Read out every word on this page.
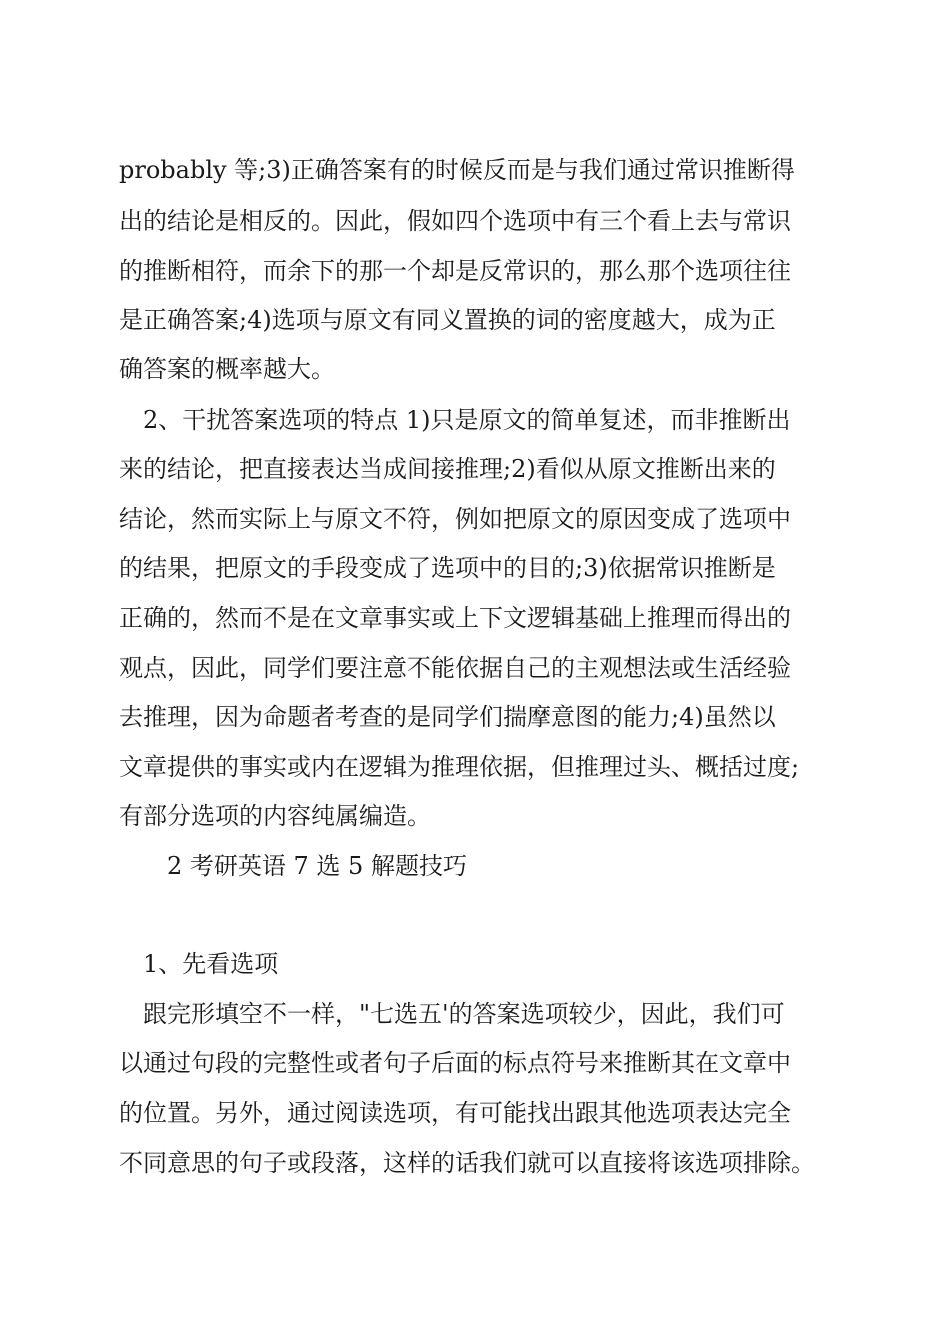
probably 等;3)正确答案有的时候反而是与我们通过常识推断得
出的结论是相反的。因此，假如四个选项中有三个看上去与常识
的推断相符，而余下的那一个却是反常识的，那么那个选项往往
是正确答案;4)选项与原文有同义置换的词的密度越大，成为正
确答案的概率越大。
2、干扰答案选项的特点 1)只是原文的简单复述，而非推断出
来的结论，把直接表达当成间接推理;2)看似从原文推断出来的
结论，然而实际上与原文不符，例如把原文的原因变成了选项中
的结果，把原文的手段变成了选项中的目的;3)依据常识推断是
正确的，然而不是在文章事实或上下文逻辑基础上推理而得出的
观点，因此，同学们要注意不能依据自己的主观想法或生活经验
去推理，因为命题者考查的是同学们揣摩意图的能力;4)虽然以
文章提供的事实或内在逻辑为推理依据，但推理过头、概括过度;
有部分选项的内容纯属编造。
2 考研英语 7 选 5 解题技巧
1、先看选项
跟完形填空不一样，"七选五'的答案选项较少，因此，我们可
以通过句段的完整性或者句子后面的标点符号来推断其在文章中
的位置。另外，通过阅读选项，有可能找出跟其他选项表达完全
不同意思的句子或段落，这样的话我们就可以直接将该选项排除。
